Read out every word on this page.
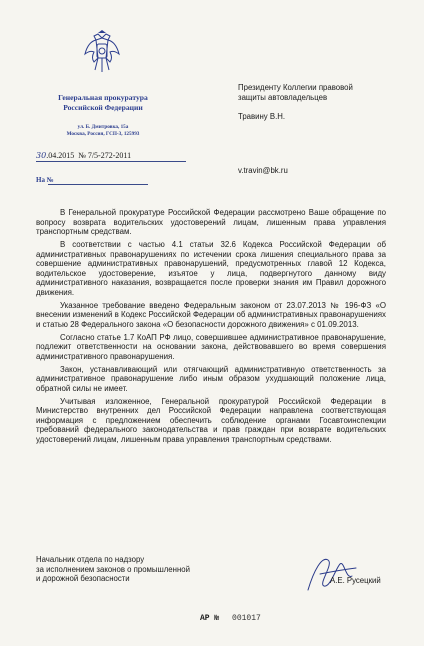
Генеральная прокуратура
Российской Федерации
ул. Б. Дмитровка, 15а
Москва, Россия, ГСП-3, 125993
30.04.2015 № 7/5-272-2011
На №
Президенту Коллегии правовой
защиты автовладельцев
Травину В.Н.
v.travin@bk.ru

В Генеральной прокуратуре Российской Федерации рассмотрено Ваше обращение по вопросу возврата водительских удостоверений лицам, лишенным права управления транспортным средствам.

В соответствии с частью 4.1 статьи 32.6 Кодекса Российской Федерации об административных правонарушениях по истечении срока лишения специального права за совершение административных правонарушений, предусмотренных главой 12 Кодекса, водительское удостоверение, изъятое у лица, подвергнутого данному виду административного наказания, возвращается после проверки знания им Правил дорожного движения.

Указанное требование введено Федеральным законом от 23.07.2013 № 196-ФЗ «О внесении изменений в Кодекс Российской Федерации об административных правонарушениях и статью 28 Федерального закона «О безопасности дорожного движения» с 01.09.2013.

Согласно статье 1.7 КоАП РФ лицо, совершившее административное правонарушение, подлежит ответственности на основании закона, действовавшего во время совершения административного правонарушения.

Закон, устанавливающий или отягчающий административную ответственность за административное правонарушение либо иным образом ухудшающий положение лица, обратной силы не имеет.

Учитывая изложенное, Генеральной прокуратурой Российской Федерации в Министерство внутренних дел Российской Федерации направлена соответствующая информация с предложением обеспечить соблюдение органами Госавтоинспекции требований федерального законодательства и прав граждан при возврате водительских удостоверений лицам, лишенным права управления транспортным средствами.

Начальник отдела по надзору
за исполнением законов о промышленной
и дорожной безопасности	А.Е. Русецкий
АР № 001017
